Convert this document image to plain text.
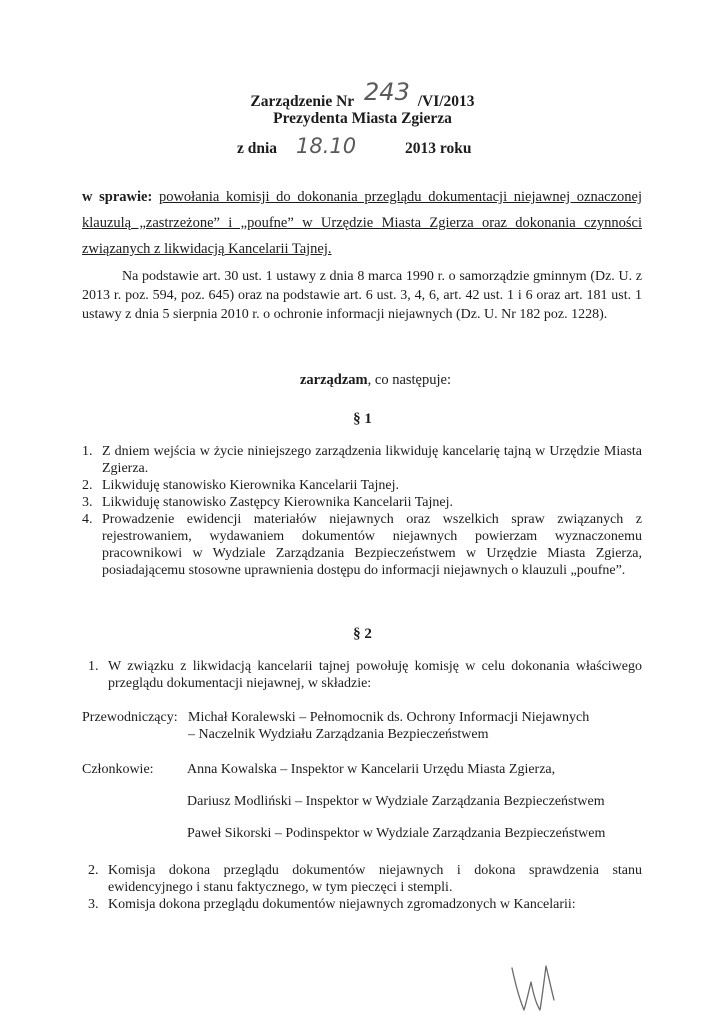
Zarządzenie Nr 243 /VI/2013
Prezydenta Miasta Zgierza
z dnia 18.10	2013 roku
w sprawie: powołania komisji do dokonania przeglądu dokumentacji niejawnej oznaczonej klauzulą „zastrzeżone” i „poufne” w Urzędzie Miasta Zgierza oraz dokonania czynności związanych z likwidacją Kancelarii Tajnej.
Na podstawie art. 30 ust. 1 ustawy z dnia 8 marca 1990 r. o samorządzie gminnym (Dz. U. z 2013 r. poz. 594, poz. 645) oraz na podstawie art. 6 ust. 3, 4, 6, art. 42 ust. 1 i 6 oraz art. 181 ust. 1 ustawy z dnia 5 sierpnia 2010 r. o ochronie informacji niejawnych (Dz. U. Nr 182 poz. 1228).
zarządzam, co następuje:
§ 1
1. Z dniem wejścia w życie niniejszego zarządzenia likwiduję kancelarię tajną w Urzędzie Miasta Zgierza.
2. Likwiduję stanowisko Kierownika Kancelarii Tajnej.
3. Likwiduję stanowisko Zastępcy Kierownika Kancelarii Tajnej.
4. Prowadzenie ewidencji materiałów niejawnych oraz wszelkich spraw związanych z rejestrowaniem, wydawaniem dokumentów niejawnych powierzam wyznaczonemu pracownikowi w Wydziale Zarządzania Bezpieczeństwem w Urzędzie Miasta Zgierza, posiadającemu stosowne uprawnienia dostępu do informacji niejawnych o klauzuli „poufne”.
§ 2
1. W związku z likwidacją kancelarii tajnej powołuję komisję w celu dokonania właściwego przeglądu dokumentacji niejawnej, w składzie:
Przewodniczący: Michał Koralewski – Pełnomocnik ds. Ochrony Informacji Niejawnych
– Naczelnik Wydziału Zarządzania Bezpieczeństwem
Członkowie: Anna Kowalska – Inspektor w Kancelarii Urzędu Miasta Zgierza,
Dariusz Modliński – Inspektor w Wydziale Zarządzania Bezpieczeństwem
Paweł Sikorski – Podinspektor w Wydziale Zarządzania Bezpieczeństwem
2. Komisja dokona przeglądu dokumentów niejawnych i dokona sprawdzenia stanu ewidencyjnego i stanu faktycznego, w tym pieczęci i stempli.
3. Komisja dokona przeglądu dokumentów niejawnych zgromadzonych w Kancelarii:
